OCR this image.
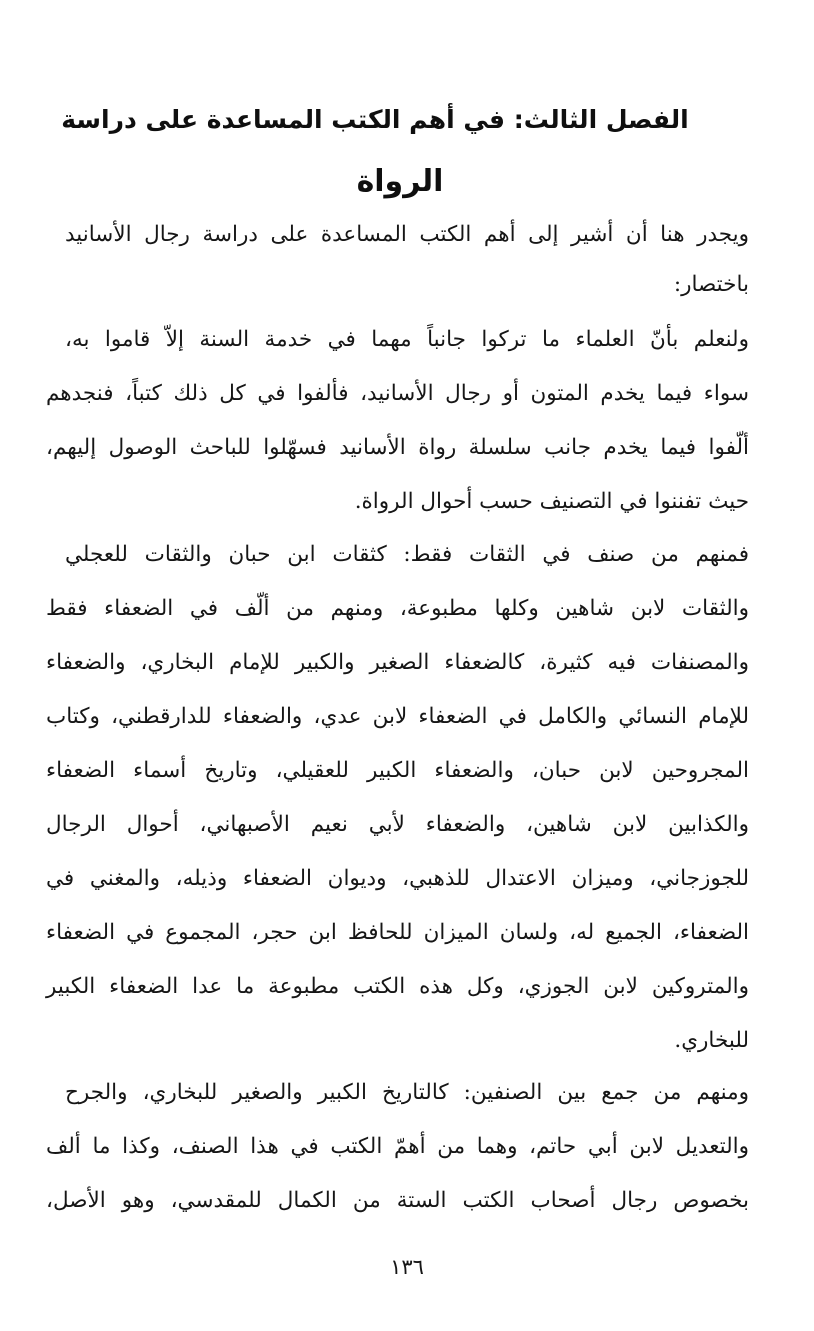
الفصل الثالث: في أهم الكتب المساعدة على دراسة
الرواة
ويجدر هنا أن أشير إلى أهم الكتب المساعدة على دراسة رجال الأسانيد
باختصار:
ولنعلم بأنّ العلماء ما تركوا جانباً مهما في خدمة السنة إلاّ قاموا به،
سواء فيما يخدم المتون أو رجال الأسانيد، فألفوا في كل ذلك كتباً، فنجدهم
ألّفوا فيما يخدم جانب سلسلة رواة الأسانيد فسهّلوا للباحث الوصول إليهم،
حيث تفننوا في التصنيف حسب أحوال الرواة.
فمنهم من صنف في الثقات فقط: كثقات ابن حبان والثقات للعجلي
والثقات لابن شاهين وكلها مطبوعة، ومنهم من ألّف في الضعفاء فقط
والمصنفات فيه كثيرة، كالضعفاء الصغير والكبير للإمام البخاري، والضعفاء
للإمام النسائي والكامل في الضعفاء لابن عدي، والضعفاء للدارقطني، وكتاب
المجروحين لابن حبان، والضعفاء الكبير للعقيلي، وتاريخ أسماء الضعفاء
والكذابين لابن شاهين، والضعفاء لأبي نعيم الأصبهاني، أحوال الرجال
للجوزجاني، وميزان الاعتدال للذهبي، وديوان الضعفاء وذيله، والمغني في
الضعفاء، الجميع له، ولسان الميزان للحافظ ابن حجر، المجموع في الضعفاء
والمتروكين لابن الجوزي، وكل هذه الكتب مطبوعة ما عدا الضعفاء الكبير
للبخاري.
ومنهم من جمع بين الصنفين: كالتاريخ الكبير والصغير للبخاري، والجرح
والتعديل لابن أبي حاتم، وهما من أهمّ الكتب في هذا الصنف، وكذا ما ألف
بخصوص رجال أصحاب الكتب الستة من الكمال للمقدسي، وهو الأصل،
١٣٦
